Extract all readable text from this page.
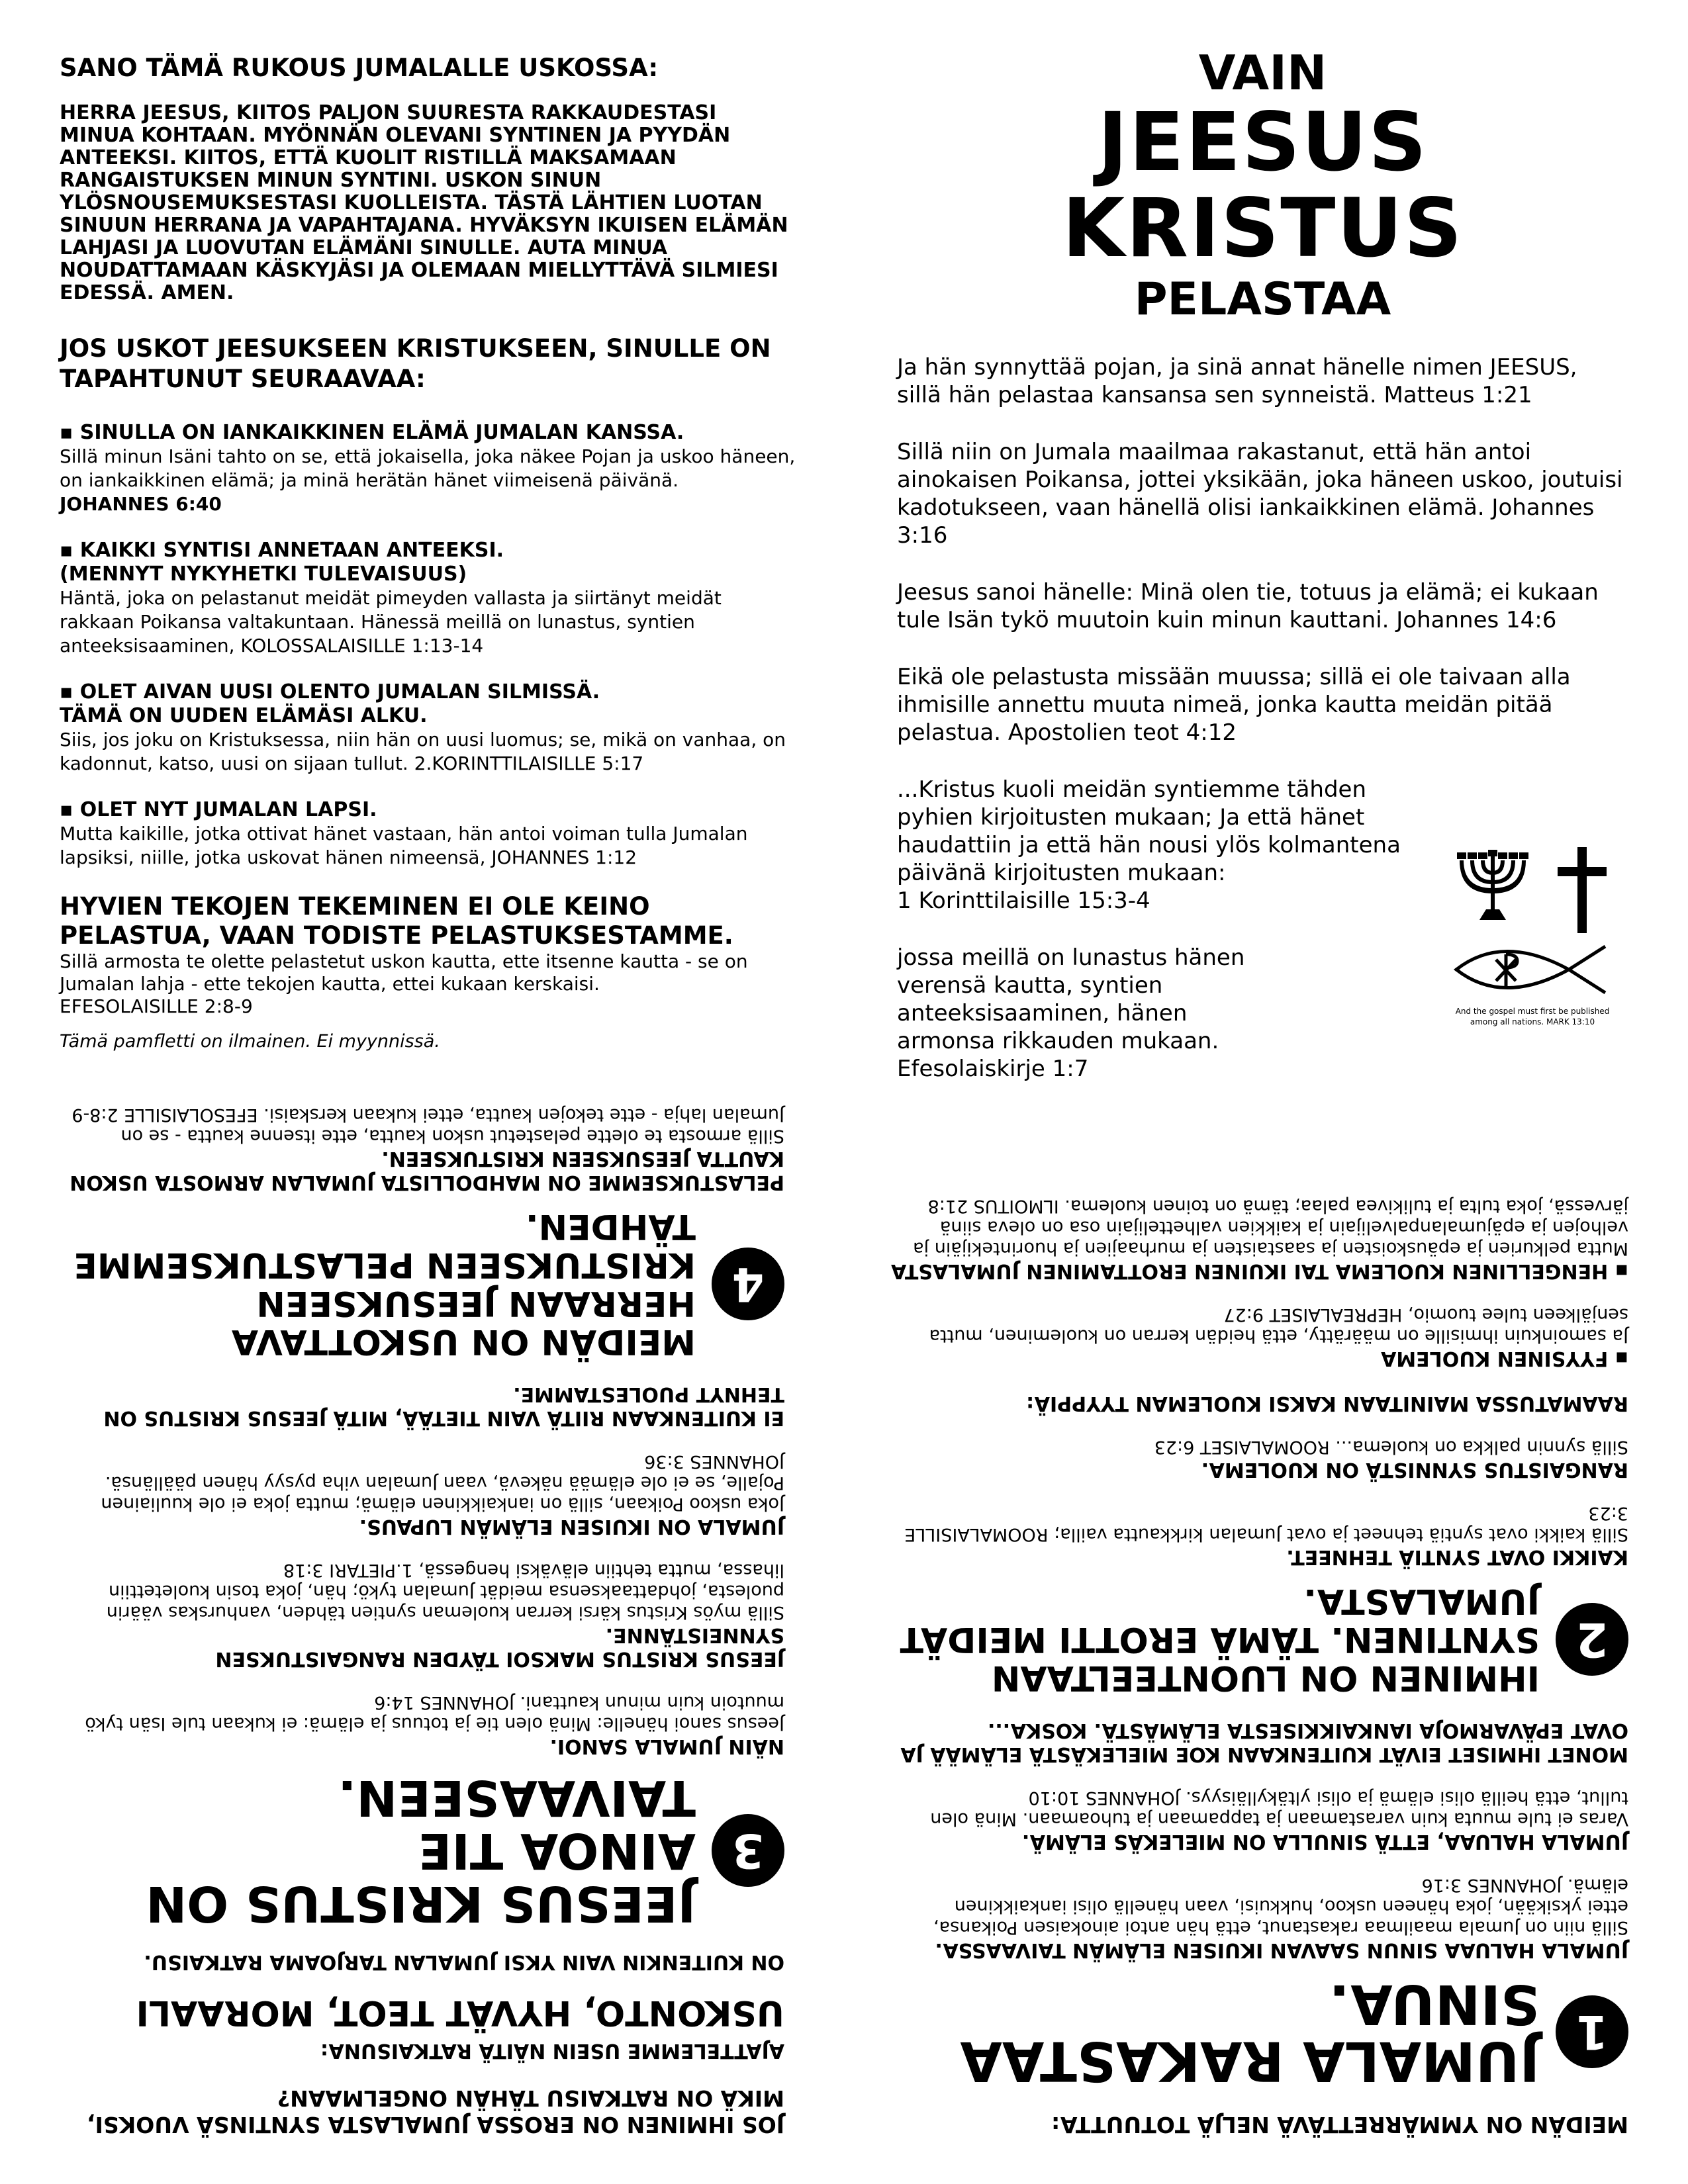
SANO TÄMÄ RUKOUS JUMALALLE USKOSSA:

HERRA JEESUS, KIITOS PALJON SUURESTA RAKKAUDESTASI MINUA KOHTAAN. MYÖNNÄN OLEVANI SYNTINEN JA PYYDÄN ANTEEKSI. KIITOS, ETTÄ KUOLIT RISTILLÄ MAKSAMAAN RANGAISTUKSEN MINUN SYNTINI. USKON SINUN YLÖSNOUSEMUKSESTASI KUOLLEISTA. TÄSTÄ LÄHTIEN LUOTAN SINUUN HERRANA JA VAPAHTAJANA. HYVÄKSYN IKUISEN ELÄMÄN LAHJASI JA LUOVUTAN ELÄMÄNI SINULLE. AUTA MINUA NOUDATTAMAAN KÄSKYJÄSI JA OLEMAAN MIELLYTTÄVÄ SILMIESI EDESSÄ. AMEN.

JOS USKOT JEESUKSEEN KRISTUKSEEN, SINULLE ON TAPAHTUNUT SEURAAVAA:

▪ SINULLA ON IANKAIKKINEN ELÄMÄ JUMALAN KANSSA.

Sillä minun Isäni tahto on se, että jokaisella, joka näkee Pojan ja uskoo häneen, on iankaikkinen elämä; ja minä herätän hänet viimeisenä päivänä.
JOHANNES 6:40

▪ KAIKKI SYNTISI ANNETAAN ANTEEKSI.
(MENNYT NYKYHETKI TULEVAISUUS)

Häntä, joka on pelastanut meidät pimeyden vallasta ja siirtänyt meidät rakkaan Poikansa valtakuntaan. Hänessä meillä on lunastus, syntien anteeksisaaminen, KOLOSSALAISILLE 1:13-14

▪ OLET AIVAN UUSI OLENTO JUMALAN SILMISSÄ.
TÄMÄ ON UUDEN ELÄMÄSI ALKU.

Siis, jos joku on Kristuksessa, niin hän on uusi luomus; se, mikä on vanhaa, on kadonnut, katso, uusi on sijaan tullut. 2.KORINTTILAISILLE 5:17

▪ OLET NYT JUMALAN LAPSI.

Mutta kaikille, jotka ottivat hänet vastaan, hän antoi voiman tulla Jumalan lapsiksi, niille, jotka uskovat hänen nimeensä, JOHANNES 1:12

HYVIEN TEKOJEN TEKEMINEN EI OLE KEINO PELASTUA, VAAN TODISTE PELASTUKSESTAMME.

Sillä armosta te olette pelastetut uskon kautta, ette itsenne kautta - se on Jumalan lahja - ette tekojen kautta, ettei kukaan kerskaisi.

EFESOLAISILLE 2:8-9

Tämä pamfletti on ilmainen. Ei myynnissä.

VAIN
JEESUS KRISTUS
PELASTAA

Ja hän synnyttää pojan, ja sinä annat hänelle nimen JEESUS, sillä hän pelastaa kansansa sen synneistä. Matteus 1:21

Sillä niin on Jumala maailmaa rakastanut, että hän antoi ainokaisen Poikansa, jottei yksikään, joka häneen uskoo, joutuisi kadotukseen, vaan hänellä olisi iankaikkinen elämä. Johannes 3:16

Jeesus sanoi hänelle: Minä olen tie, totuus ja elämä; ei kukaan tule Isän tykö muutoin kuin minun kauttani. Johannes 14:6

Eikä ole pelastusta missään muussa; sillä ei ole taivaan alla ihmisille annettu muuta nimeä, jonka kautta meidän pitää pelastua. Apostolien teot 4:12

...Kristus kuoli meidän syntiemme tähden pyhien kirjoitusten mukaan; Ja että hänet haudattiin ja että hän nousi ylös kolmantena päivänä kirjoitusten mukaan:
1 Korinttilaisille 15:3-4

jossa meillä on lunastus hänen verensä kautta, syntien anteeksisaaminen, hänen armonsa rikkauden mukaan.
Efesolaiskirje 1:7

And the gospel must first be published among all nations. MARK 13:10

MEIDÄN ON YMMÄRRETTÄVÄ NELJÄ TOTUUTTA:

1
JUMALA RAKASTAA SINUA.

JUMALA HALUAA SINUN SAAVAN IKUISEN ELÄMÄN TAIVAASSA.

Sillä niin on Jumala maailmaa rakastanut, että hän antoi ainokaisen Poikansa, ettei yksikään, joka häneen uskoo, hukkuisi, vaan hänellä olisi iankaikkinen elämä. JOHANNES 3:16

JUMALA HALUAA, ETTÄ SINULLA ON MIELEKÄS ELÄMÄ.

Varas ei tule muuta kuin varastamaan ja tappamaan ja tuhoamaan. Minä olen tullut, että heillä olisi elämä ja olisi yltäkylläisyys. JOHANNES 10:10

MONET IHMISET EIVÄT KUITENKAAN KOE MIELEKÄSTÄ ELÄMÄÄ JA OVAT EPÄVARMOJA IANKAIKKISESTA ELÄMÄSTÄ. KOSKA...

2
IHMINEN ON LUONTEELTAAN SYNTINEN. TÄMÄ EROTTI MEIDÄT JUMALASTA.

KAIKKI OVAT SYNTIÄ TEHNEET.

Sillä kaikki ovat syntiä tehneet ja ovat Jumalan kirkkautta vailla; ROOMALAISILLE 3:23

RANGAISTUS SYNNISTÄ ON KUOLEMA.

Sillä synnin palkka on kuolema... ROOMALAISET 6:23

RAAMATUSSA MAINITAAN KAKSI KUOLEMAN TYYPPIÄ:

▪ FYYSINEN KUOLEMA

Ja samoinkuin ihmisille on määrätty, että heidän kerran on kuoleminen, mutta senjälkeen tulee tuomio, HEPREALAISET 9:27

▪ HENGELLINEN KUOLEMA TAI IKUINEN EROTTAMINEN JUMALASTA

Mutta pelkurien ja epäuskoisten ja saastaisten ja murhaajien ja huorintekijäin ja velhojen ja epäjumalanpalvelijain ja kaikkien valhettelijain osa on oleva siinä järvessä, joka tulta ja tulikivea palaa; tämä on toinen kuolema. ILMOITUS 21:8

JOS IHMINEN ON EROSSA JUMALASTA SYNTINSÄ VUOKSI, MIKÄ ON RATKAISU TÄHÄN ONGELMAAN?

AJATTELEMME USEIN NÄITÄ RATKAISUNA:

USKONTO, HYVÄT TEOT, MORAALI

ON KUITENKIN VAIN YKSI JUMALAN TARJOAMA RATKAISU.

3
JEESUS KRISTUS ON AINOA TIE TAIVAASEEN.

NÄIN JUMALA SANOI.

Jeesus sanoi hänelle: Minä olen tie ja totuus ja elämä: ei kukaan tule Isän tykö muutoin kuin minun kauttani. JOHANNES 14:6

JEESUS KRISTUS MAKSOI TÄYDEN RANGAISTUKSEN SYNNEISTÄNNE.

Sillä myös Kristus kärsi kerran kuoleman syntien tähden, vanhurskas väärin puolesta, johdattaaksensa meidät Jumalan tykö; hän, joka tosin kuoletettiin lihassa, mutta tehtiin eläväksi hengessä, 1.PIETARI 3:18

JUMALA ON IKUISEN ELÄMÄN LUPAUS.

Joka uskoo Poikaan, sillä on iankaikkinen elämä; mutta joka ei ole kuuliainen Pojalle, se ei ole elämää näkevä, vaan Jumalan viha pysyy hänen päällänsä. JOHANNES 3:36

EI KUITENKAAN RIITÄ VAIN TIETÄÄ, MITÄ JEESUS KRISTUS ON TEHNYT PUOLESTAMME.

4
MEIDÄN ON USKOTTAVA HERRAAN JEESUKSEEN KRISTUKSEEN PELASTUKSEMME TÄHDEN.

PELASTUKSEMME ON MAHDOLLISTA JUMALAN ARMOSTA USKON KAUTTA JEESUKSEEN KRISTUKSEEN.

Sillä armosta te olette pelastetut uskon kautta, ette itsenne kautta - se on Jumalan lahja - ette tekojen kautta, ettei kukaan kerskaisi. EFESOLAISILLE 2:8-9
